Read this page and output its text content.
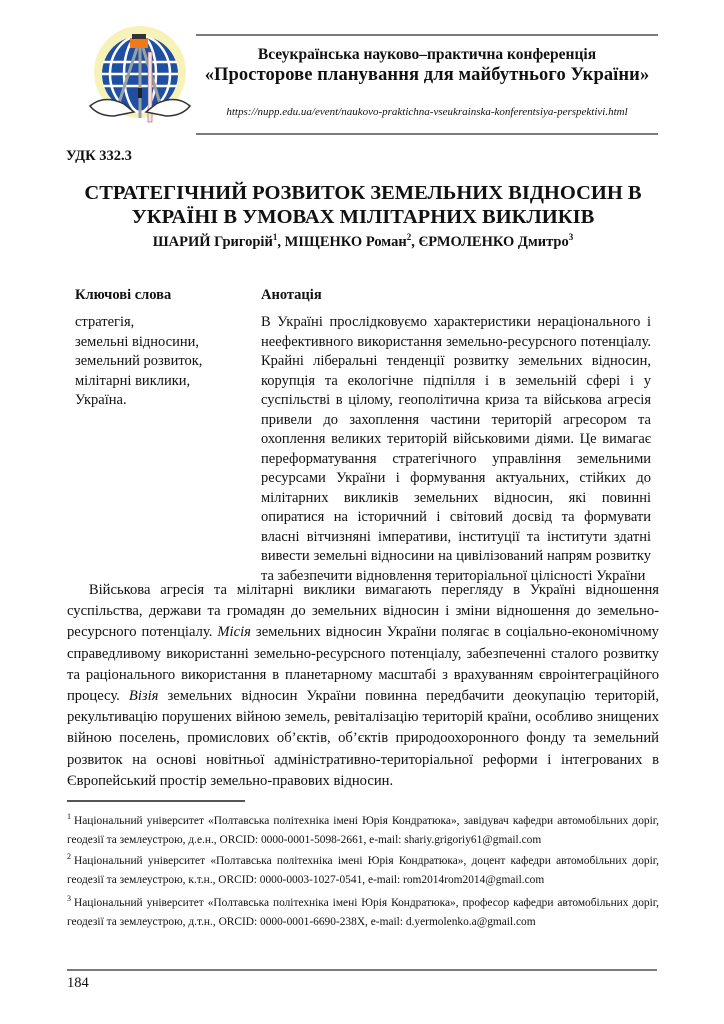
Всеукраїнська науково–практична конференція
«Просторове планування для майбутнього України»
https://nupp.edu.ua/event/naukovo-praktichna-vseukrainska-konferentsiya-perspektivi.html
УДК 332.3
СТРАТЕГІЧНИЙ РОЗВИТОК ЗЕМЕЛЬНИХ ВІДНОСИН В
УКРАЇНІ В УМОВАХ МІЛІТАРНИХ ВИКЛИКІВ
ШАРИЙ Григорій$^1$, МІЩЕНКО Роман$^2$, ЄРМОЛЕНКО Дмитро$^3$
Ключові слова
стратегія,
земельні відносини,
земельний розвиток,
мілітарні виклики,
Україна.
Анотація

В Україні прослідковуємо характеристики нераціонального і неефективного використання земельно-ресурсного потенціалу. Крайні ліберальні тенденції розвитку земельних відносин, корупція та екологічне підпілля і в земельній сфері і у суспільстві в цілому, геополітична криза та військова агресія привели до захоплення частини територій агресором та охоплення великих територій військовими діями. Це вимагає переформатування стратегічного управління земельними ресурсами України і формування актуальних, стійких до мілітарних викликів земельних відносин, які повинні опиратися на історичний і світовий досвід та формувати власні вітчизняні імперативи, інституції та інститути здатні вивести земельні відносини на цивілізований напрям розвитку та забезпечити відновлення територіальної цілісності України

  Військова агресія та мілітарні виклики вимагають перегляду в Україні відношення суспільства, держави та громадян до земельних відносин і зміни відношення до земельно-ресурсного потенціалу. Місія земельних відносин України полягає в соціально-економічному справедливому використанні земельно-ресурсного потенціалу, забезпеченні сталого розвитку та раціонального використання в планетарному масштабі з врахуванням євроінтеграційного процесу. Візія земельних відносин України повинна передбачити деокупацію територій, рекультивацію порушених війною земель, ревіталізацію територій країни, особливо знищених війною поселень, промислових об’єктів, об’єктів природоохоронного фонду та земельний розвиток на основі новітньої адміністративно-територіальної реформи і інтегрованих в Європейський простір земельно-правових відносин.

$^1$ Національний університет «Полтавська політехніка імені Юрія Кондратюка», завідувач кафедри автомобільних доріг, геодезії та землеустрою, д.е.н., ORCID: 0000-0001-5098-2661, e-mail: shariy.grigoriy61@gmail.com

$^2$ Національний університет «Полтавська політехніка імені Юрія Кондратюка», доцент кафедри автомобільних доріг, геодезії та землеустрою, к.т.н., ORCID: 0000-0003-1027-0541, e-mail: rom2014rom2014@gmail.com

$^3$ Національний університет «Полтавська політехніка імені Юрія Кондратюка», професор кафедри автомобільних доріг, геодезії та землеустрою, д.т.н., ORCID: 0000-0001-6690-238X, e-mail: d.yermolenko.a@gmail.com

184
